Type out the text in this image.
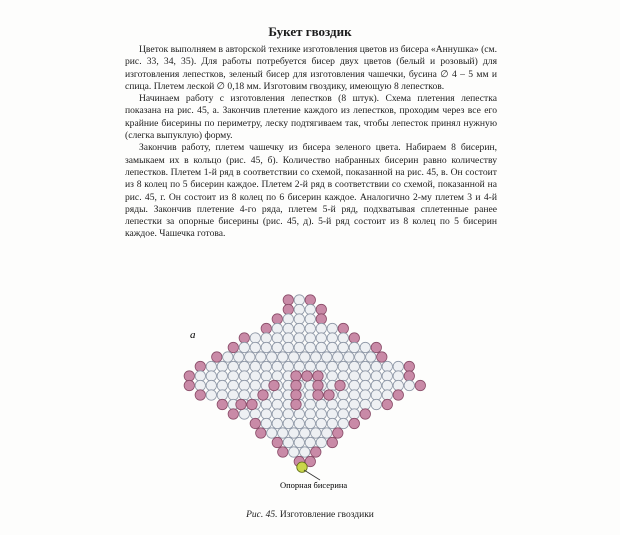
Букет гвоздик

Цветок выполняем в авторской технике изготовления цветов из бисера «Аннушка» (см. рис. 33, 34, 35). Для работы потребуется бисер двух цветов (белый и розовый) для изготовления лепестков, зеленый бисер для изготовления чашечки, бусина ∅ 4 – 5 мм и спица. Плетем леской ∅ 0,18 мм. Изготовим гвоздику, имеющую 8 лепестков.

Начинаем работу с изготовления лепестков (8 штук). Схема плетения лепестка показана на рис. 45, а. Закончив плетение каждого из лепестков, проходим через все его крайние бисерины по периметру, леску подтягиваем так, чтобы лепесток принял нужную (слегка выпуклую) форму.

Закончив работу, плетем чашечку из бисера зеленого цвета. Набираем 8 бисерин, замыкаем их в кольцо (рис. 45, б). Количество набранных бисерин равно количеству лепестков. Плетем 1-й ряд в соответствии со схемой, показанной на рис. 45, в. Он состоит из 8 колец по 5 бисерин каждое. Плетем 2-й ряд в соответствии со схемой, показанной на рис. 45, г. Он состоит из 8 колец по 6 бисерин каждое. Аналогично 2-му плетем 3 и 4-й ряды. Закончив плетение 4-го ряда, плетем 5-й ряд, подхватывая сплетенные ранее лепестки за опорные бисерины (рис. 45, д). 5-й ряд состоит из 8 колец по 5 бисерин каждое. Чашечка готова.

а
Опорная бисерина
Рис. 45. Изготовление гвоздики
